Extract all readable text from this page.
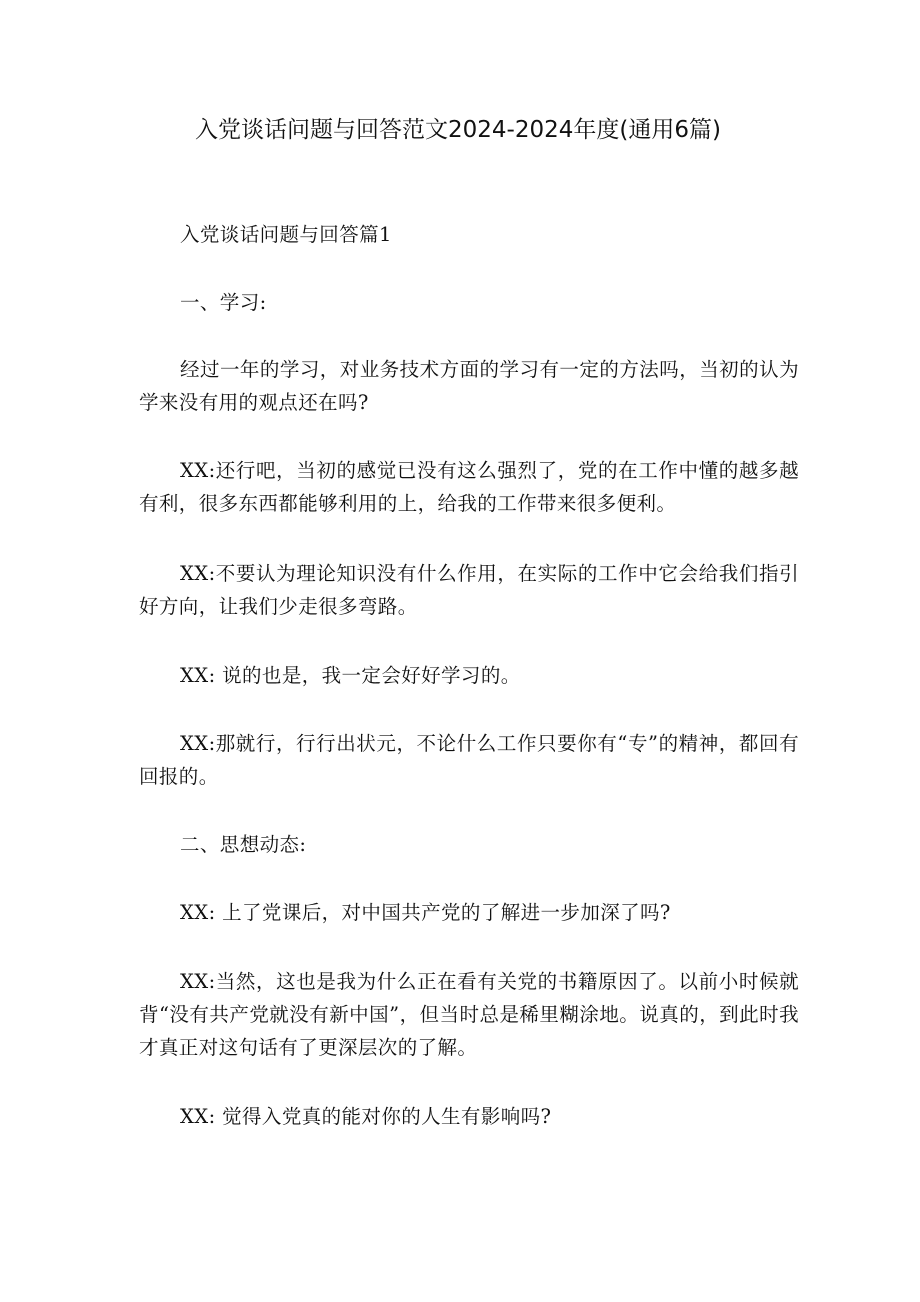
入党谈话问题与回答范文2024-2024年度(通用6篇)

入党谈话问题与回答篇1

一、学习:

经过一年的学习，对业务技术方面的学习有一定的方法吗，当初的认为学来没有用的观点还在吗?

XX:还行吧，当初的感觉已没有这么强烈了，党的在工作中懂的越多越有利，很多东西都能够利用的上，给我的工作带来很多便利。

XX:不要认为理论知识没有什么作用，在实际的工作中它会给我们指引好方向，让我们少走很多弯路。

XX: 说的也是，我一定会好好学习的。

XX:那就行，行行出状元，不论什么工作只要你有“专”的精神，都回有回报的。

二、思想动态:

XX: 上了党课后，对中国共产党的了解进一步加深了吗?

XX:当然，这也是我为什么正在看有关党的书籍原因了。以前小时候就背“没有共产党就没有新中国”，但当时总是稀里糊涂地。说真的，到此时我才真正对这句话有了更深层次的了解。

XX: 觉得入党真的能对你的人生有影响吗?
